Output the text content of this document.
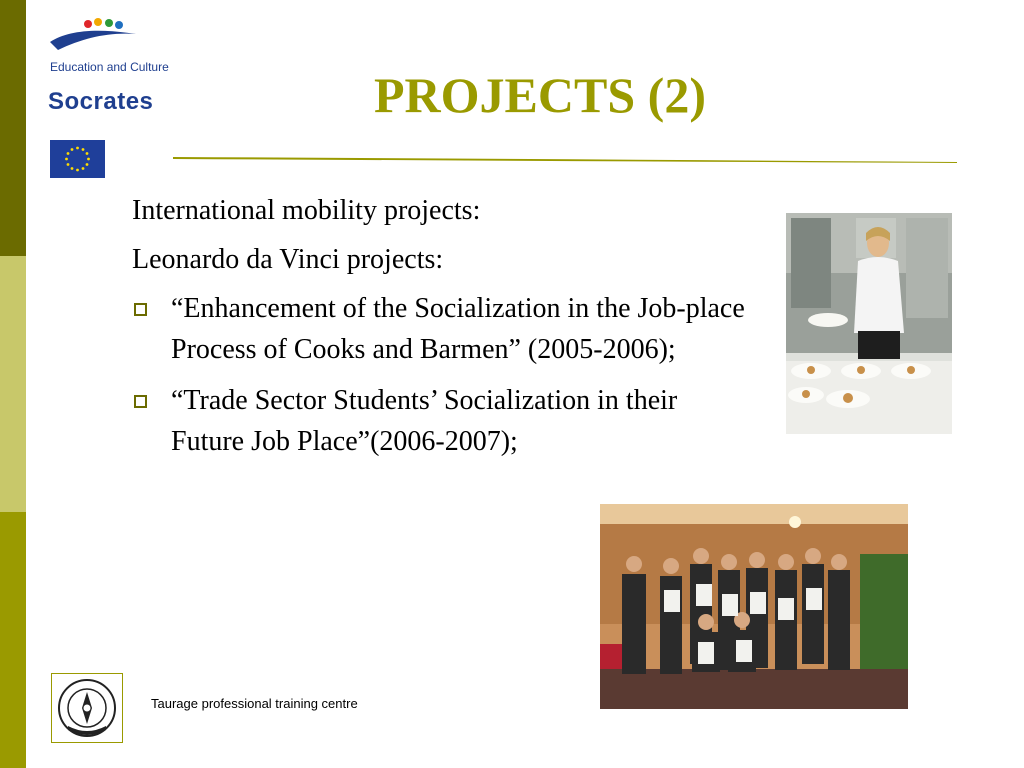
Education and Culture
Socrates	PROJECTS (2)

International mobility projects:

Leonardo da Vinci projects:

“Enhancement of the Socialization in the Job-place Process of Cooks and Barmen” (2005-2006);
“Trade Sector Students’ Socialization in their Future Job Place”(2006-2007);
Taurage professional training centre
